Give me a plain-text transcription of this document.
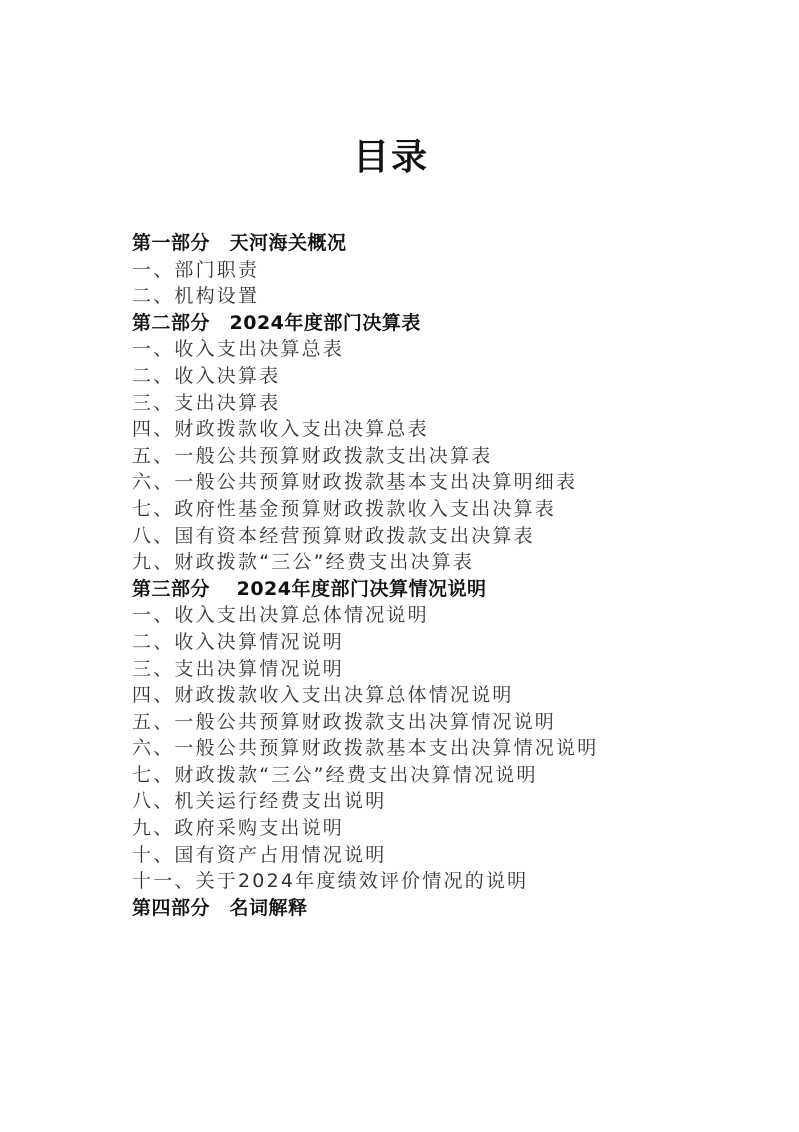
目录
第一部分　天河海关概况
一、部门职责
二、机构设置
第二部分　2024年度部门决算表
一、收入支出决算总表
二、收入决算表
三、支出决算表
四、财政拨款收入支出决算总表
五、一般公共预算财政拨款支出决算表
六、一般公共预算财政拨款基本支出决算明细表
七、政府性基金预算财政拨款收入支出决算表
八、国有资本经营预算财政拨款支出决算表
九、财政拨款“三公”经费支出决算表
第三部分　 2024年度部门决算情况说明
一、收入支出决算总体情况说明
二、收入决算情况说明
三、支出决算情况说明
四、财政拨款收入支出决算总体情况说明
五、一般公共预算财政拨款支出决算情况说明
六、一般公共预算财政拨款基本支出决算情况说明
七、财政拨款“三公”经费支出决算情况说明
八、机关运行经费支出说明
九、政府采购支出说明
十、国有资产占用情况说明
十一、关于2024年度绩效评价情况的说明
第四部分　名词解释
